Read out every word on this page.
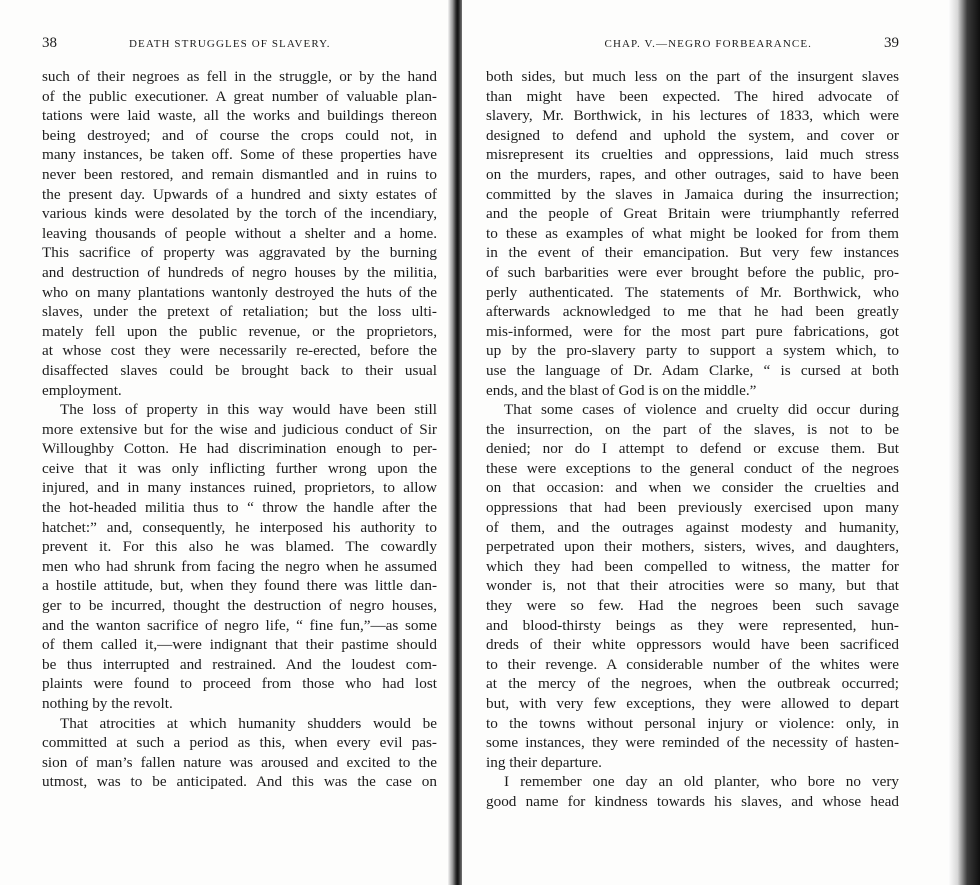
38	DEATH STRUGGLES OF SLAVERY.
such of their negroes as fell in the struggle, or by the hand
of the public executioner. A great number of valuable plan-
tations were laid waste, all the works and buildings thereon
being destroyed; and of course the crops could not, in
many instances, be taken off. Some of these properties have
never been restored, and remain dismantled and in ruins to
the present day. Upwards of a hundred and sixty estates of
various kinds were desolated by the torch of the incendiary,
leaving thousands of people without a shelter and a home.
This sacrifice of property was aggravated by the burning
and destruction of hundreds of negro houses by the militia,
who on many plantations wantonly destroyed the huts of the
slaves, under the pretext of retaliation; but the loss ulti-
mately fell upon the public revenue, or the proprietors,
at whose cost they were necessarily re-erected, before the
disaffected slaves could be brought back to their usual
employment.
The loss of property in this way would have been still
more extensive but for the wise and judicious conduct of Sir
Willoughby Cotton. He had discrimination enough to per-
ceive that it was only inflicting further wrong upon the
injured, and in many instances ruined, proprietors, to allow
the hot-headed militia thus to “ throw the handle after the
hatchet:” and, consequently, he interposed his authority to
prevent it. For this also he was blamed. The cowardly
men who had shrunk from facing the negro when he assumed
a hostile attitude, but, when they found there was little dan-
ger to be incurred, thought the destruction of negro houses,
and the wanton sacrifice of negro life, “ fine fun,”—as some
of them called it,—were indignant that their pastime should
be thus interrupted and restrained. And the loudest com-
plaints were found to proceed from those who had lost
nothing by the revolt.
That atrocities at which humanity shudders would be
committed at such a period as this, when every evil pas-
sion of man’s fallen nature was aroused and excited to the
utmost, was to be anticipated. And this was the case on
CHAP. V.—NEGRO FORBEARANCE.	39
both sides, but much less on the part of the insurgent slaves
than might have been expected. The hired advocate of
slavery, Mr. Borthwick, in his lectures of 1833, which were
designed to defend and uphold the system, and cover or
misrepresent its cruelties and oppressions, laid much stress
on the murders, rapes, and other outrages, said to have been
committed by the slaves in Jamaica during the insurrection;
and the people of Great Britain were triumphantly referred
to these as examples of what might be looked for from them
in the event of their emancipation. But very few instances
of such barbarities were ever brought before the public, pro-
perly authenticated. The statements of Mr. Borthwick, who
afterwards acknowledged to me that he had been greatly
mis-informed, were for the most part pure fabrications, got
up by the pro-slavery party to support a system which, to
use the language of Dr. Adam Clarke, “ is cursed at both
ends, and the blast of God is on the middle.”
That some cases of violence and cruelty did occur during
the insurrection, on the part of the slaves, is not to be
denied; nor do I attempt to defend or excuse them. But
these were exceptions to the general conduct of the negroes
on that occasion: and when we consider the cruelties and
oppressions that had been previously exercised upon many
of them, and the outrages against modesty and humanity,
perpetrated upon their mothers, sisters, wives, and daughters,
which they had been compelled to witness, the matter for
wonder is, not that their atrocities were so many, but that
they were so few. Had the negroes been such savage
and blood-thirsty beings as they were represented, hun-
dreds of their white oppressors would have been sacrificed
to their revenge. A considerable number of the whites were
at the mercy of the negroes, when the outbreak occurred;
but, with very few exceptions, they were allowed to depart
to the towns without personal injury or violence: only, in
some instances, they were reminded of the necessity of hasten-
ing their departure.
I remember one day an old planter, who bore no very
good name for kindness towards his slaves, and whose head
